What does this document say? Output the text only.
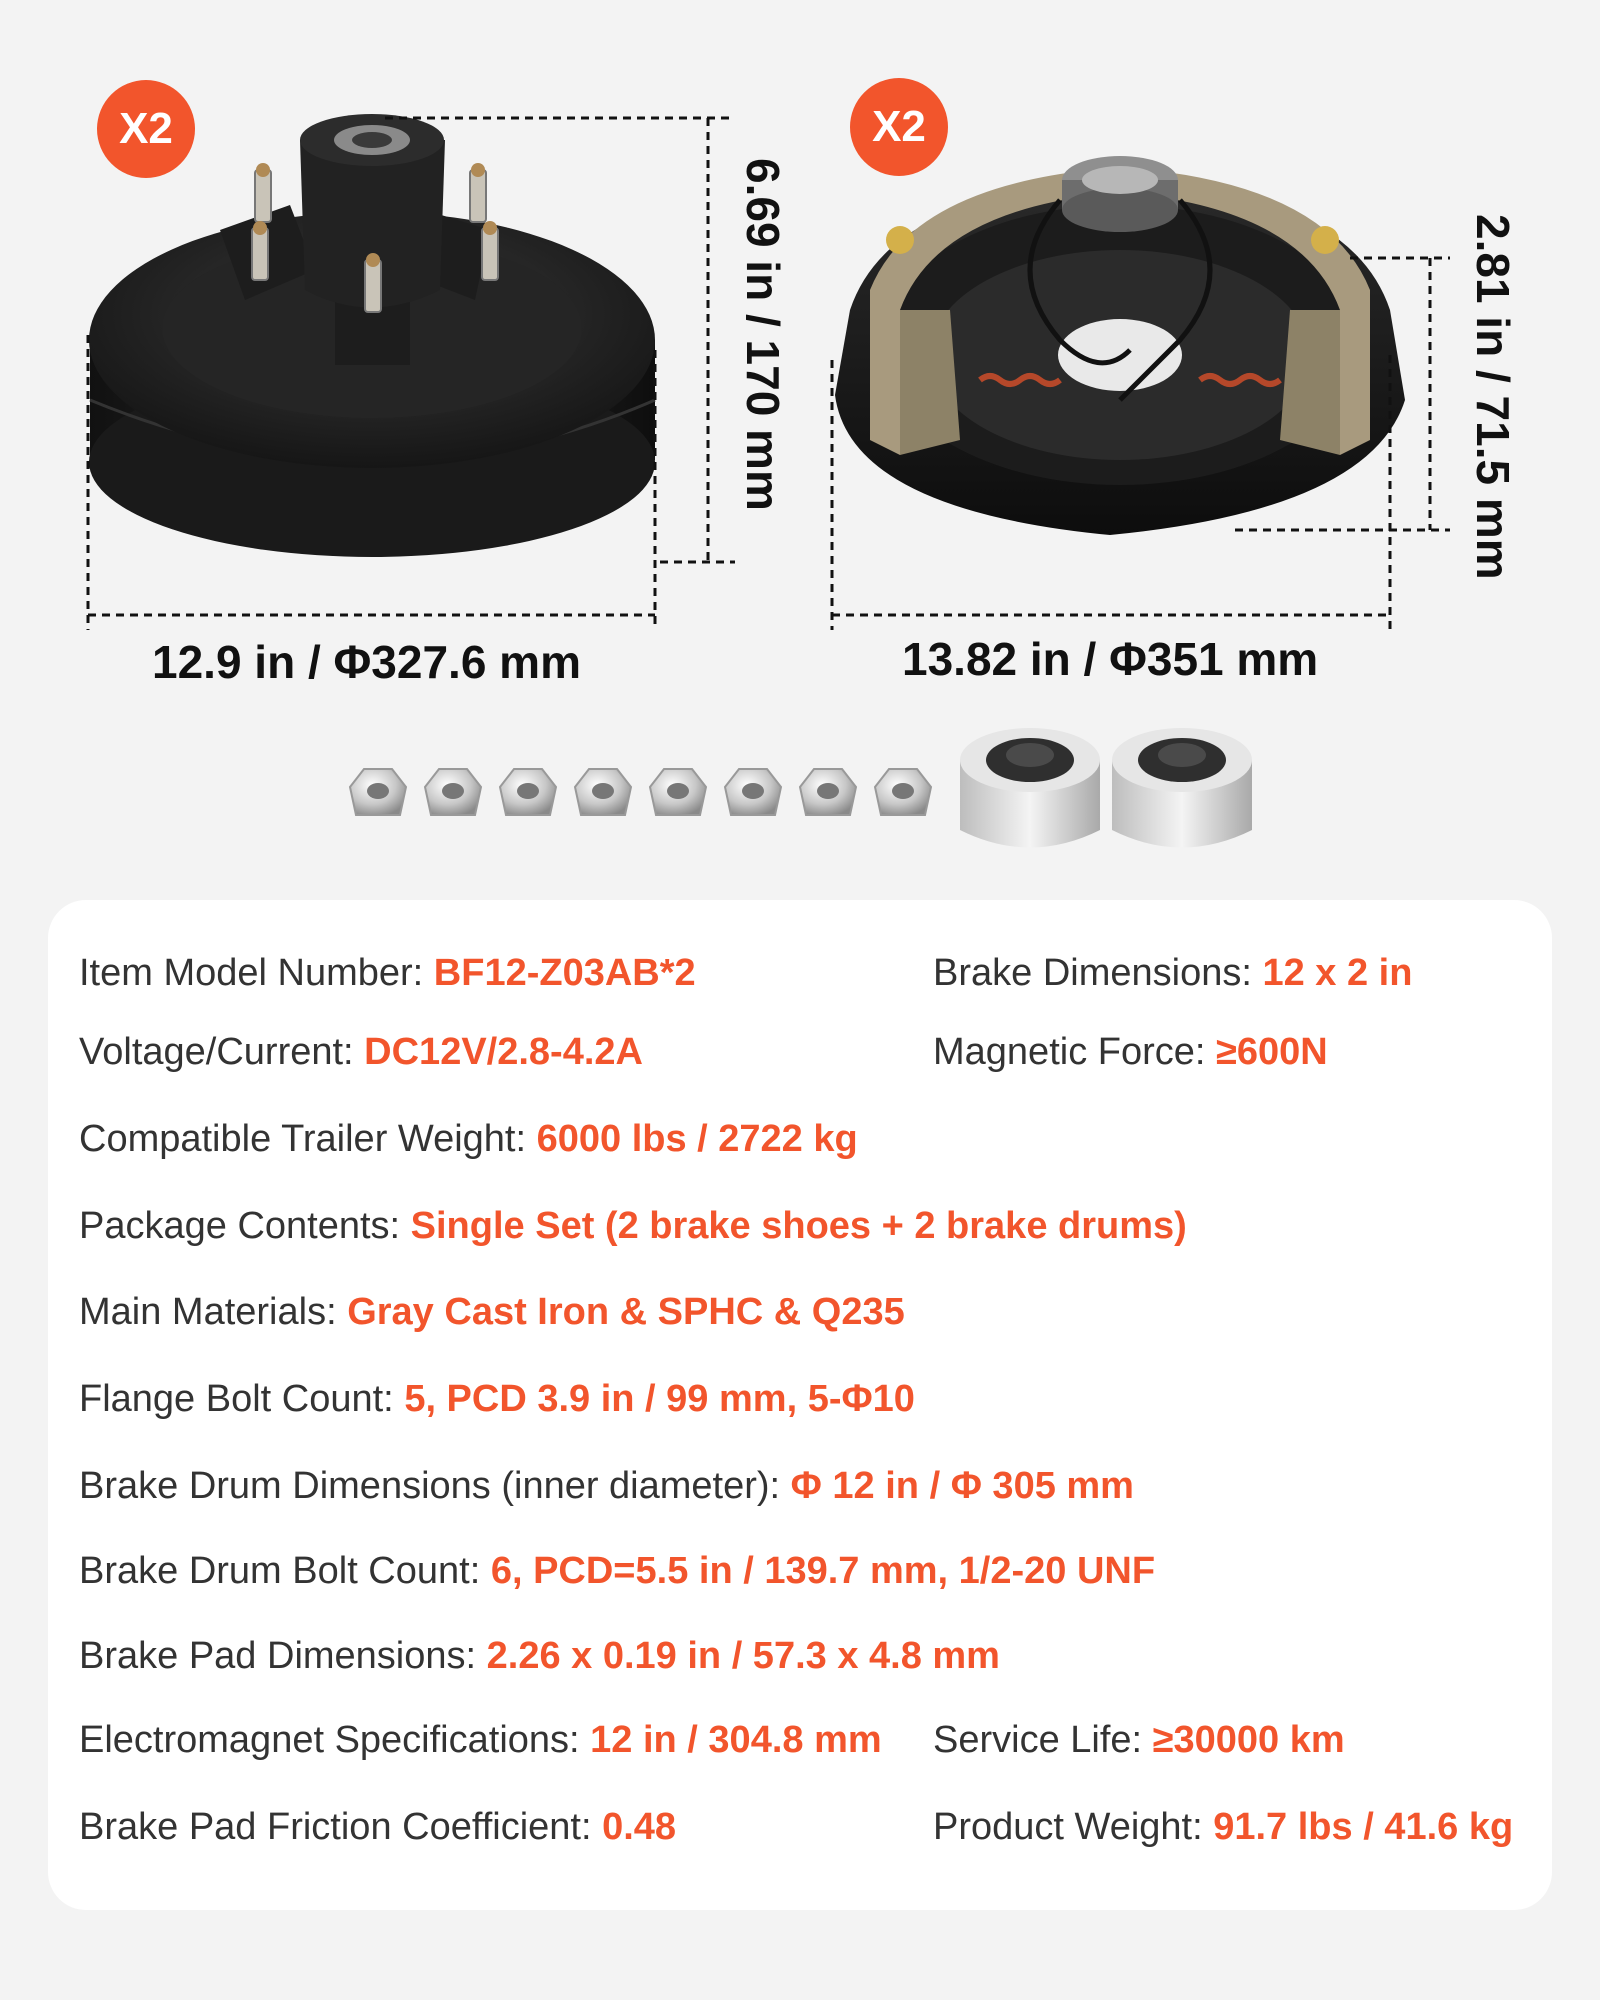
X2	X2
12.9 in / Φ327.6 mm
6.69 in / 170 mm
13.82 in / Φ351 mm
2.81 in / 71.5 mm
Item Model Number: BF12-Z03AB*2	Brake Dimensions: 12 x 2 in
Voltage/Current: DC12V/2.8-4.2A	Magnetic Force: ≥600N
Compatible Trailer Weight: 6000 lbs / 2722 kg
Package Contents: Single Set (2 brake shoes + 2 brake drums)
Main Materials: Gray Cast Iron & SPHC & Q235
Flange Bolt Count: 5, PCD 3.9 in / 99 mm, 5-Φ10
Brake Drum Dimensions (inner diameter): Φ 12 in / Φ 305 mm
Brake Drum Bolt Count: 6, PCD=5.5 in / 139.7 mm, 1/2-20 UNF
Brake Pad Dimensions: 2.26 x 0.19 in / 57.3 x 4.8 mm
Electromagnet Specifications: 12 in / 304.8 mm Service Life: ≥30000 km
Brake Pad Friction Coefficient: 0.48	Product Weight: 91.7 lbs / 41.6 kg
